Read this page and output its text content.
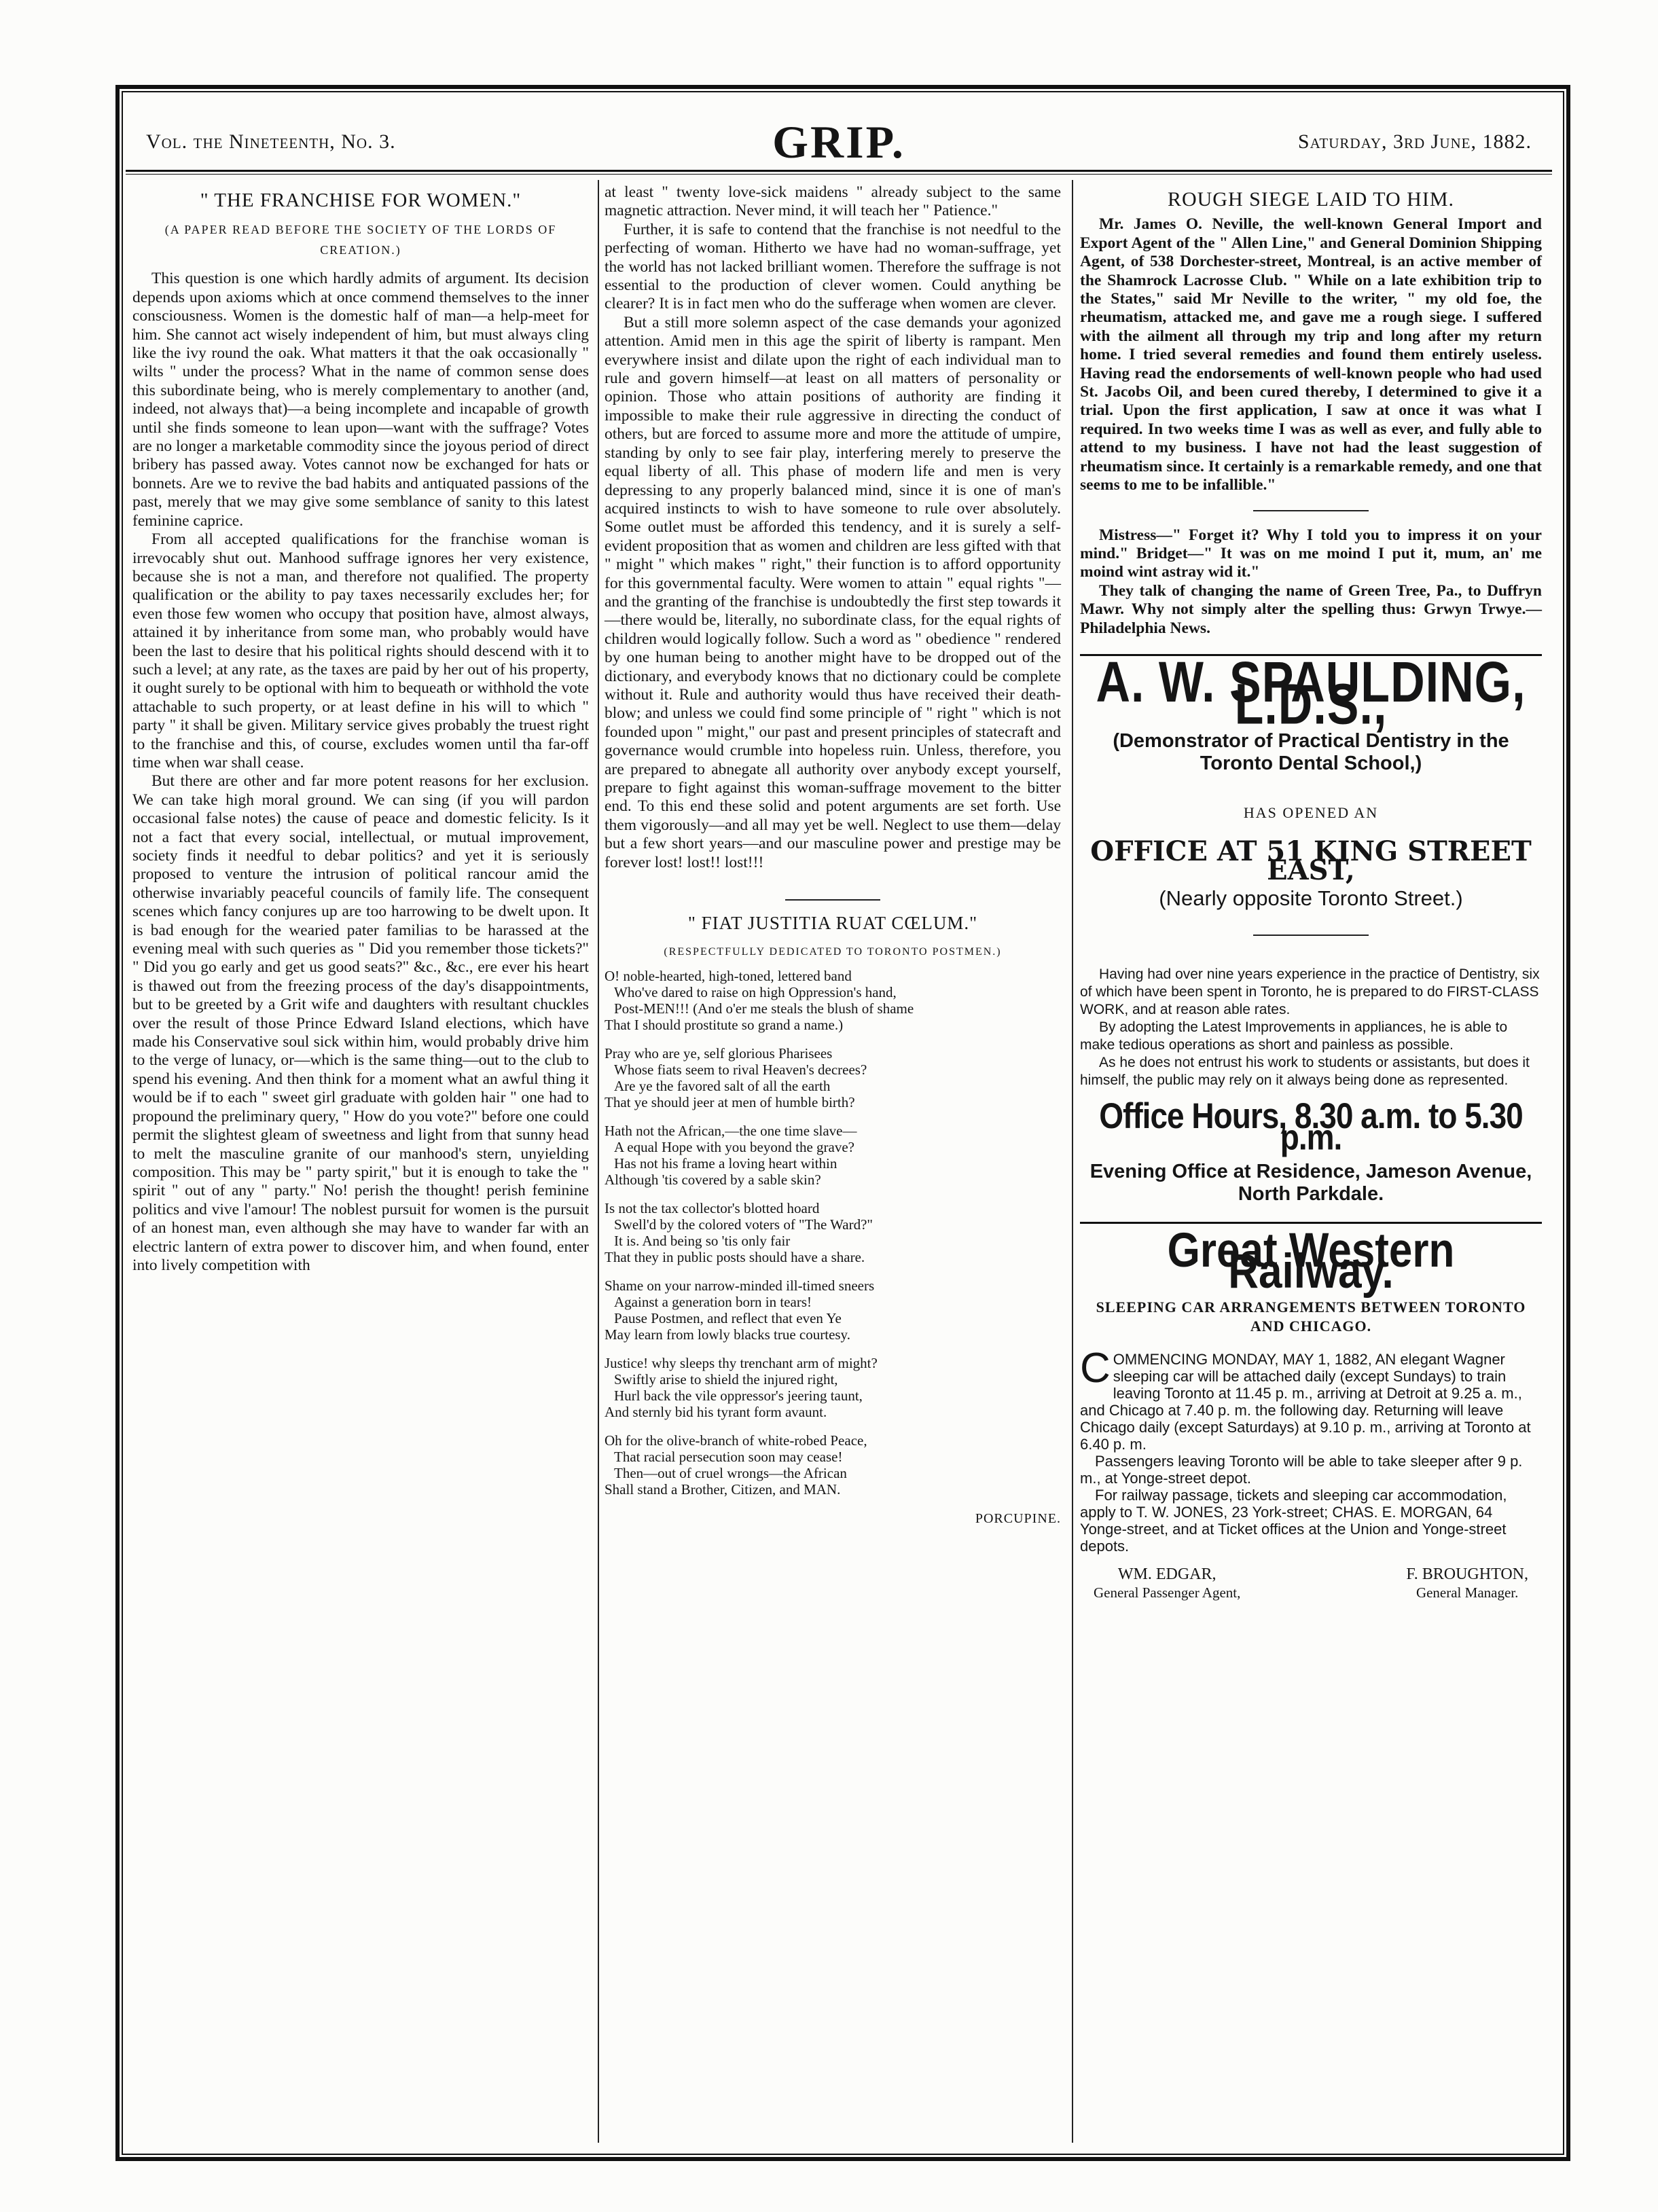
Vol. the Nineteenth, No. 3.	GRIP.	Saturday, 3rd June, 1882.
" THE FRANCHISE FOR WOMEN."
(A PAPER READ BEFORE THE SOCIETY OF THE LORDS OF CREATION.)

This question is one which hardly admits of argument. Its decision depends upon axioms which at once commend themselves to the inner consciousness. Women is the domestic half of man—a help-meet for him. She cannot act wisely independent of him, but must always cling like the ivy round the oak. What matters it that the oak occasionally " wilts " under the process? What in the name of common sense does this subordinate being, who is merely complementary to another (and, indeed, not always that)—a being incomplete and incapable of growth until she finds someone to lean upon—want with the suffrage? Votes are no longer a marketable commodity since the joyous period of direct bribery has passed away. Votes cannot now be exchanged for hats or bonnets. Are we to revive the bad habits and antiquated passions of the past, merely that we may give some semblance of sanity to this latest feminine caprice.

From all accepted qualifications for the franchise woman is irrevocably shut out. Manhood suffrage ignores her very existence, because she is not a man, and therefore not qualified. The property qualification or the ability to pay taxes necessarily excludes her; for even those few women who occupy that position have, almost always, attained it by inheritance from some man, who probably would have been the last to desire that his political rights should descend with it to such a level; at any rate, as the taxes are paid by her out of his property, it ought surely to be optional with him to bequeath or withhold the vote attachable to such property, or at least define in his will to which " party " it shall be given. Military service gives probably the truest right to the franchise and this, of course, excludes women until tha far-off time when war shall cease.

But there are other and far more potent reasons for her exclusion. We can take high moral ground. We can sing (if you will pardon occasional false notes) the cause of peace and domestic felicity. Is it not a fact that every social, intellectual, or mutual improvement, society finds it needful to debar politics? and yet it is seriously proposed to venture the intrusion of political rancour amid the otherwise invariably peaceful councils of family life. The consequent scenes which fancy conjures up are too harrowing to be dwelt upon. It is bad enough for the wearied pater familias to be harassed at the evening meal with such queries as " Did you remember those tickets?" " Did you go early and get us good seats?" &c., &c., ere ever his heart is thawed out from the freezing process of the day's disappointments, but to be greeted by a Grit wife and daughters with resultant chuckles over the result of those Prince Edward Island elections, which have made his Conservative soul sick within him, would probably drive him to the verge of lunacy, or—which is the same thing—out to the club to spend his evening. And then think for a moment what an awful thing it would be if to each " sweet girl graduate with golden hair " one had to propound the preliminary query, " How do you vote?" before one could permit the slightest gleam of sweetness and light from that sunny head to melt the masculine granite of our manhood's stern, unyielding composition. This may be " party spirit," but it is enough to take the " spirit " out of any " party." No! perish the thought! perish feminine politics and vive l'amour! The noblest pursuit for women is the pursuit of an honest man, even although she may have to wander far with an electric lantern of extra power to discover him, and when found, enter into lively competition with

at least " twenty love-sick maidens " already subject to the same magnetic attraction. Never mind, it will teach her " Patience."

Further, it is safe to contend that the franchise is not needful to the perfecting of woman. Hitherto we have had no woman-suffrage, yet the world has not lacked brilliant women. Therefore the suffrage is not essential to the production of clever women. Could anything be clearer? It is in fact men who do the sufferage when women are clever.

But a still more solemn aspect of the case demands your agonized attention. Amid men in this age the spirit of liberty is rampant. Men everywhere insist and dilate upon the right of each individual man to rule and govern himself—at least on all matters of personality or opinion. Those who attain positions of authority are finding it impossible to make their rule aggressive in directing the conduct of others, but are forced to assume more and more the attitude of umpire, standing by only to see fair play, interfering merely to preserve the equal liberty of all. This phase of modern life and men is very depressing to any properly balanced mind, since it is one of man's acquired instincts to wish to have someone to rule over absolutely. Some outlet must be afforded this tendency, and it is surely a self-evident proposition that as women and children are less gifted with that " might " which makes " right," their function is to afford opportunity for this governmental faculty. Were women to attain " equal rights "—and the granting of the franchise is undoubtedly the first step towards it—there would be, literally, no subordinate class, for the equal rights of children would logically follow. Such a word as " obedience " rendered by one human being to another might have to be dropped out of the dictionary, and everybody knows that no dictionary could be complete without it. Rule and authority would thus have received their death-blow; and unless we could find some principle of " right " which is not founded upon " might," our past and present principles of statecraft and governance would crumble into hopeless ruin. Unless, therefore, you are prepared to abnegate all authority over anybody except yourself, prepare to fight against this woman-suffrage movement to the bitter end. To this end these solid and potent arguments are set forth. Use them vigorously—and all may yet be well. Neglect to use them—delay but a few short years—and our masculine power and prestige may be forever lost! lost!! lost!!!

" FIAT JUSTITIA RUAT CŒLUM."
(RESPECTFULLY DEDICATED TO TORONTO POSTMEN.)
O! noble-hearted, high-toned, lettered band
Who've dared to raise on high Oppression's hand,
Post-MEN!!! (And o'er me steals the blush of shame
That I should prostitute so grand a name.)
Pray who are ye, self glorious Pharisees
Whose fiats seem to rival Heaven's decrees?
Are ye the favored salt of all the earth
That ye should jeer at men of humble birth?
Hath not the African,—the one time slave—
A equal Hope with you beyond the grave?
Has not his frame a loving heart within
Although 'tis covered by a sable skin?
Is not the tax collector's blotted hoard
Swell'd by the colored voters of "The Ward?"
It is. And being so 'tis only fair
That they in public posts should have a share.
Shame on your narrow-minded ill-timed sneers
Against a generation born in tears!
Pause Postmen, and reflect that even Ye
May learn from lowly blacks true courtesy.
Justice! why sleeps thy trenchant arm of might?
Swiftly arise to shield the injured right,
Hurl back the vile oppressor's jeering taunt,
And sternly bid his tyrant form avaunt.
Oh for the olive-branch of white-robed Peace,
That racial persecution soon may cease!
Then—out of cruel wrongs—the African
Shall stand a Brother, Citizen, and MAN.
PORCUPINE.
ROUGH SIEGE LAID TO HIM.

Mr. James O. Neville, the well-known General Import and Export Agent of the " Allen Line," and General Dominion Shipping Agent, of 538 Dorchester-street, Montreal, is an active member of the Shamrock Lacrosse Club. " While on a late exhibition trip to the States," said Mr Neville to the writer, " my old foe, the rheumatism, attacked me, and gave me a rough siege. I suffered with the ailment all through my trip and long after my return home. I tried several remedies and found them entirely useless. Having read the endorsements of well-known people who had used St. Jacobs Oil, and been cured thereby, I determined to give it a trial. Upon the first application, I saw at once it was what I required. In two weeks time I was as well as ever, and fully able to attend to my business. I have not had the least suggestion of rheumatism since. It certainly is a remarkable remedy, and one that seems to me to be infallible."

Mistress—" Forget it? Why I told you to impress it on your mind." Bridget—" It was on me moind I put it, mum, an' me moind wint astray wid it."

They talk of changing the name of Green Tree, Pa., to Duffryn Mawr. Why not simply alter the spelling thus: Grwyn Trwye.—Philadelphia News.

A. W. SPAULDING, L.D.S.,
(Demonstrator of Practical Dentistry in the Toronto Dental School,)
HAS OPENED AN
OFFICE AT 51 KING STREET EAST,
(Nearly opposite Toronto Street.)

Having had over nine years experience in the practice of Dentistry, six of which have been spent in Toronto, he is prepared to do FIRST-CLASS WORK, and at reason able rates.

By adopting the Latest Improvements in appliances, he is able to make tedious operations as short and painless as possible.

As he does not entrust his work to students or assistants, but does it himself, the public may rely on it always being done as represented.

Office Hours, 8.30 a.m. to 5.30 p.m.
Evening Office at Residence, Jameson Avenue, North Parkdale.
Great Western Railway.
SLEEPING CAR ARRANGEMENTS BETWEEN TORONTO AND CHICAGO.

COMMENCING MONDAY, MAY 1, 1882, AN elegant Wagner sleeping car will be attached daily (except Sundays) to train leaving Toronto at 11.45 p. m., arriving at Detroit at 9.25 a. m., and Chicago at 7.40 p. m. the following day. Returning will leave Chicago daily (except Saturdays) at 9.10 p. m., arriving at Toronto at 6.40 p. m.

Passengers leaving Toronto will be able to take sleeper after 9 p. m., at Yonge-street depot.

For railway passage, tickets and sleeping car accommodation, apply to T. W. JONES, 23 York-street; CHAS. E. MORGAN, 64 Yonge-street, and at Ticket offices at the Union and Yonge-street depots.

WM. EDGAR,
General Passenger Agent,
F. BROUGHTON,
General Manager.
